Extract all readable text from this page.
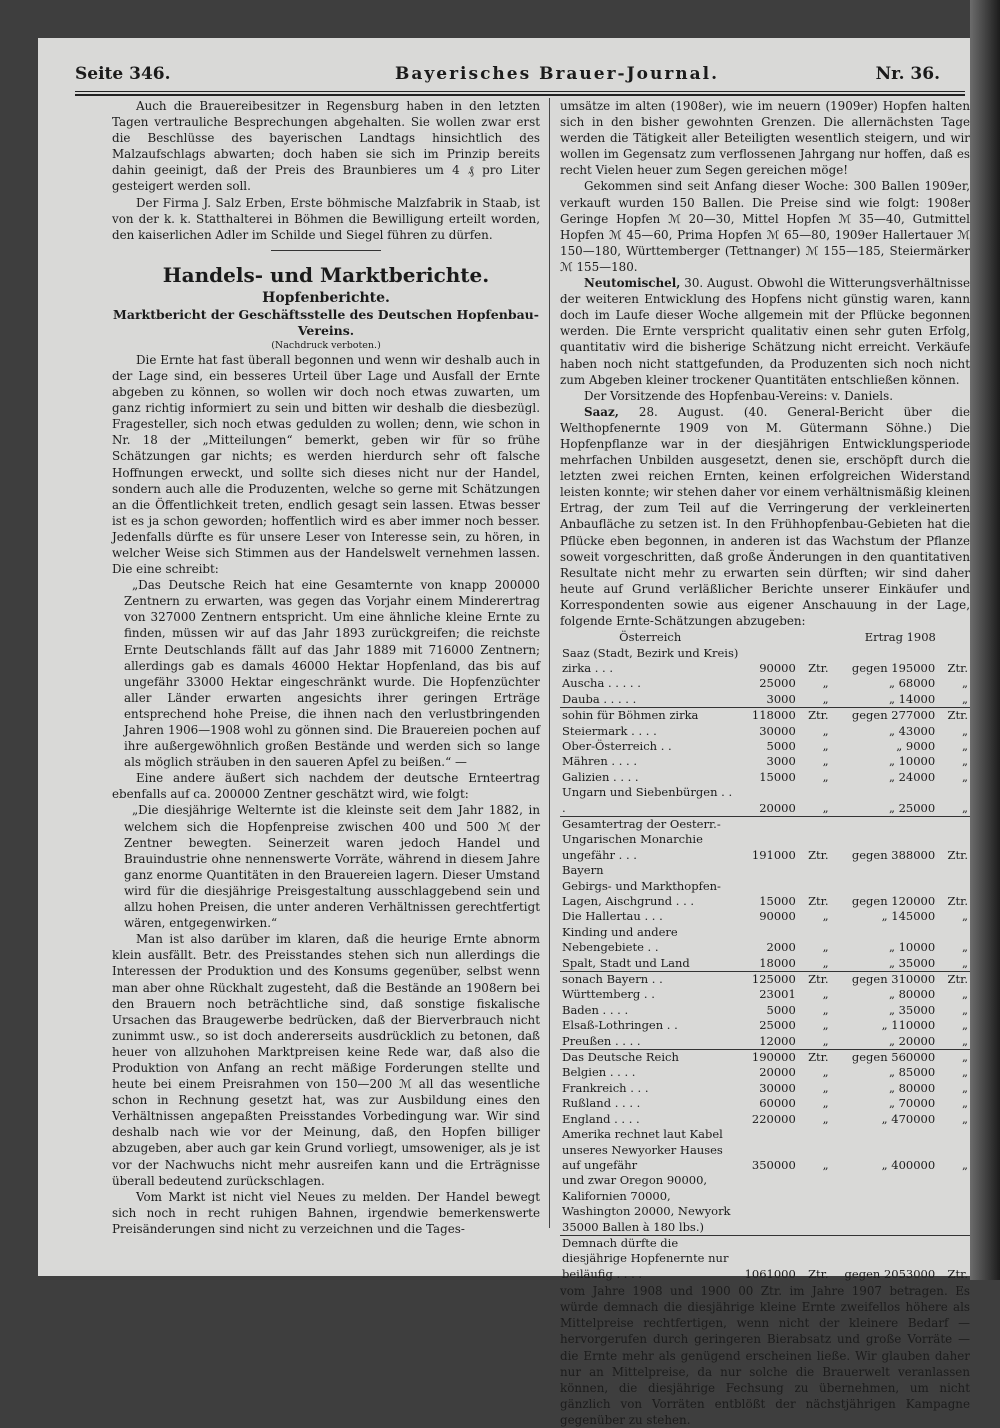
Seite 346.	Bayerisches Brauer-Journal.	Nr. 36.

Auch die Brauereibesitzer in Regensburg haben in den letzten Tagen vertrauliche Besprechungen abgehalten. Sie wollen zwar erst die Beschlüsse des bayerischen Landtags hinsichtlich des Malzaufschlags abwarten; doch haben sie sich im Prinzip bereits dahin geeinigt, daß der Preis des Braunbieres um 4 ₰ pro Liter gesteigert werden soll.

Der Firma J. Salz Erben, Erste böhmische Malzfabrik in Staab, ist von der k. k. Statthalterei in Böhmen die Bewilligung erteilt worden, den kaiserlichen Adler im Schilde und Siegel führen zu dürfen.

Handels- und Marktberichte.
Hopfenberichte.
Marktbericht der Geschäftsstelle des Deutschen Hopfenbau-Vereins.
(Nachdruck verboten.)

Die Ernte hat fast überall begonnen und wenn wir deshalb auch in der Lage sind, ein besseres Urteil über Lage und Ausfall der Ernte abgeben zu können, so wollen wir doch noch etwas zuwarten, um ganz richtig informiert zu sein und bitten wir deshalb die diesbezügl. Fragesteller, sich noch etwas gedulden zu wollen; denn, wie schon in Nr. 18 der „Mitteilungen“ bemerkt, geben wir für so frühe Schätzungen gar nichts; es werden hierdurch sehr oft falsche Hoffnungen erweckt, und sollte sich dieses nicht nur der Handel, sondern auch alle die Produzenten, welche so gerne mit Schätzungen an die Öffentlichkeit treten, endlich gesagt sein lassen. Etwas besser ist es ja schon geworden; hoffentlich wird es aber immer noch besser. Jedenfalls dürfte es für unsere Leser von Interesse sein, zu hören, in welcher Weise sich Stimmen aus der Handelswelt vernehmen lassen. Die eine schreibt:

„Das Deutsche Reich hat eine Gesamternte von knapp 200000 Zentnern zu erwarten, was gegen das Vorjahr einem Minderertrag von 327000 Zentnern entspricht. Um eine ähnliche kleine Ernte zu finden, müssen wir auf das Jahr 1893 zurückgreifen; die reichste Ernte Deutschlands fällt auf das Jahr 1889 mit 716000 Zentnern; allerdings gab es damals 46000 Hektar Hopfenland, das bis auf ungefähr 33000 Hektar eingeschränkt wurde. Die Hopfenzüchter aller Länder erwarten angesichts ihrer geringen Erträge entsprechend hohe Preise, die ihnen nach den verlustbringenden Jahren 1906—1908 wohl zu gönnen sind. Die Brauereien pochen auf ihre außergewöhnlich großen Bestände und werden sich so lange als möglich sträuben in den saueren Apfel zu beißen.“ —

Eine andere äußert sich nachdem der deutsche Ernteertrag ebenfalls auf ca. 200000 Zentner geschätzt wird, wie folgt:

„Die diesjährige Welternte ist die kleinste seit dem Jahr 1882, in welchem sich die Hopfenpreise zwischen 400 und 500 ℳ der Zentner bewegten. Seinerzeit waren jedoch Handel und Brauindustrie ohne nennenswerte Vorräte, während in diesem Jahre ganz enorme Quantitäten in den Brauereien lagern. Dieser Umstand wird für die diesjährige Preisgestaltung ausschlaggebend sein und allzu hohen Preisen, die unter anderen Verhältnissen gerechtfertigt wären, entgegenwirken.“

Man ist also darüber im klaren, daß die heurige Ernte abnorm klein ausfällt. Betr. des Preisstandes stehen sich nun allerdings die Interessen der Produktion und des Konsums gegenüber, selbst wenn man aber ohne Rückhalt zugesteht, daß die Bestände an 1908ern bei den Brauern noch beträchtliche sind, daß sonstige fiskalische Ursachen das Braugewerbe bedrücken, daß der Bierverbrauch nicht zunimmt usw., so ist doch andererseits ausdrücklich zu betonen, daß heuer von allzuhohen Marktpreisen keine Rede war, daß also die Produktion von Anfang an recht mäßige Forderungen stellte und heute bei einem Preisrahmen von 150—200 ℳ all das wesentliche schon in Rechnung gesetzt hat, was zur Ausbildung eines den Verhältnissen angepaßten Preisstandes Vorbedingung war. Wir sind deshalb nach wie vor der Meinung, daß, den Hopfen billiger abzugeben, aber auch gar kein Grund vorliegt, umsoweniger, als je ist vor der Nachwuchs nicht mehr ausreifen kann und die Erträgnisse überall bedeutend zurückschlagen.

Vom Markt ist nicht viel Neues zu melden. Der Handel bewegt sich noch in recht ruhigen Bahnen, irgendwie bemerkenswerte Preisänderungen sind nicht zu verzeichnen und die Tages-

umsätze im alten (1908er), wie im neuern (1909er) Hopfen halten sich in den bisher gewohnten Grenzen. Die allernächsten Tage werden die Tätigkeit aller Beteiligten wesentlich steigern, und wir wollen im Gegensatz zum verflossenen Jahrgang nur hoffen, daß es recht Vielen heuer zum Segen gereichen möge!

Gekommen sind seit Anfang dieser Woche: 300 Ballen 1909er, verkauft wurden 150 Ballen. Die Preise sind wie folgt: 1908er Geringe Hopfen ℳ 20—30, Mittel Hopfen ℳ 35—40, Gutmittel Hopfen ℳ 45—60, Prima Hopfen ℳ 65—80, 1909er Hallertauer ℳ 150—180, Württemberger (Tettnanger) ℳ 155—185, Steiermärker ℳ 155—180.

Neutomischel, 30. August. Obwohl die Witterungsverhältnisse der weiteren Entwicklung des Hopfens nicht günstig waren, kann doch im Laufe dieser Woche allgemein mit der Pflücke begonnen werden. Die Ernte verspricht qualitativ einen sehr guten Erfolg, quantitativ wird die bisherige Schätzung nicht erreicht. Verkäufe haben noch nicht stattgefunden, da Produzenten sich noch nicht zum Abgeben kleiner trockener Quantitäten entschließen können.

Der Vorsitzende des Hopfenbau-Vereins: v. Daniels.

Saaz, 28. August. (40. General-Bericht über die Welthopfenernte 1909 von M. Gütermann Söhne.) Die Hopfenpflanze war in der diesjährigen Entwicklungsperiode mehrfachen Unbilden ausgesetzt, denen sie, erschöpft durch die letzten zwei reichen Ernten, keinen erfolgreichen Widerstand leisten konnte; wir stehen daher vor einem verhältnismäßig kleinen Ertrag, der zum Teil auf die Verringerung der verkleinerten Anbaufläche zu setzen ist. In den Frühhopfenbau-Gebieten hat die Pflücke eben begonnen, in anderen ist das Wachstum der Pflanze soweit vorgeschritten, daß große Änderungen in den quantitativen Resultate nicht mehr zu erwarten sein dürften; wir sind daher heute auf Grund verläßlicher Berichte unserer Einkäufer und Korrespondenten sowie aus eigener Anschauung in der Lage, folgende Ernte-Schätzungen abzugeben:

Österreich			Ertrag 1908	
Saaz (Stadt, Bezirk und Kreis) zirka . . .	90000	Ztr.	gegen 195000	Ztr.
Auscha . . . . .	25000	„	„ 68000	„
Dauba . . . . .	3000	„	„ 14000	„
sohin für Böhmen zirka	118000	Ztr.	gegen 277000	Ztr.
Steiermark . . . .	30000	„	„ 43000	„
Ober-Österreich . .	5000	„	„ 9000	„
Mähren . . . .	3000	„	„ 10000	„
Galizien . . . .	15000	„	„ 24000	„
Ungarn und Siebenbürgen . . .	20000	„	„ 25000	„
Gesamtertrag der Oesterr.-Ungarischen Monarchie ungefähr . . .	191000	Ztr.	gegen 388000	Ztr.
Bayern				
Gebirgs- und Markthopfen-Lagen, Aischgrund . . .	15000	Ztr.	gegen 120000	Ztr.
Die Hallertau . . .	90000	„	„ 145000	„
Kinding und andere Nebengebiete . .	2000	„	„ 10000	„
Spalt, Stadt und Land	18000	„	„ 35000	„
sonach Bayern . .	125000	Ztr.	gegen 310000	Ztr.
Württemberg . .	23001	„	„ 80000	„
Baden . . . .	5000	„	„ 35000	„
Elsaß-Lothringen . .	25000	„	„ 110000	„
Preußen . . . .	12000	„	„ 20000	„
Das Deutsche Reich	190000	Ztr.	gegen 560000	„
Belgien . . . .	20000	„	„ 85000	„
Frankreich . . .	30000	„	„ 80000	„
Rußland . . . .	60000	„	„ 70000	„
England . . . .	220000	„	„ 470000	„
Amerika rechnet laut Kabel unseres Newyorker Hauses auf ungefähr	350000	„	„ 400000	„
und zwar Oregon 90000, Kalifornien 70000, Washington 20000, Newyork 35000 Ballen à 180 lbs.)				
Demnach dürfte die diesjährige Hopfenernte nur beiläufig . . . .	1061000	Ztr.	gegen 2053000	Ztr.

vom Jahre 1908 und 1900 00 Ztr. im Jahre 1907 betragen. Es würde demnach die diesjährige kleine Ernte zweifellos höhere als Mittelpreise rechtfertigen, wenn nicht der kleinere Bedarf — hervorgerufen durch geringeren Bierabsatz und große Vorräte — die Ernte mehr als genügend erscheinen ließe. Wir glauben daher nur an Mittelpreise, da nur solche die Brauerwelt veranlassen können, die diesjährige Fechsung zu übernehmen, um nicht gänzlich von Vorräten entblößt der nächstjährigen Kampagne gegenüber zu stehen.
